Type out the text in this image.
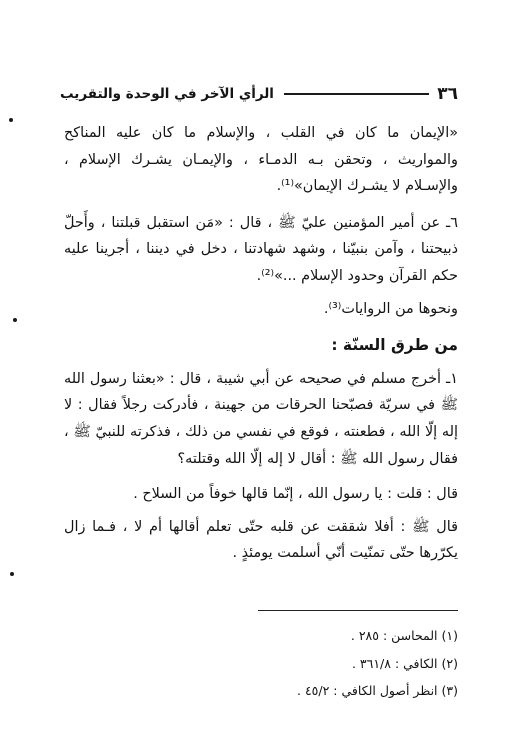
٣٦
الرأي الآخر في الوحدة والتقريب

«الإيمان ما كان في القلب ، والإسلام ما كان عليه المناكح والمواريث ، وتحقن بـه الدمـاء ، والإيمـان يشـرك الإسلام ، والإسـلام لا يشـرك الإيمان»⁽¹⁾.

٦ـ عن أمير المؤمنين عليّ ﷺ ، قال : «مَن استقبل قبلتنا ، وأَحلّ ذبيحتنا ، وآمن بنبيّنا ، وشهد شهادتنا ، دخل في ديننا ، أجرينا عليه حكم القرآن وحدود الإسلام ...»⁽²⁾.

ونحوها من الروايات⁽³⁾.

من طرق السنّة :

١ـ أخرج مسلم في صحيحه عن أبي شيبة ، قال : «بعثنا رسول الله ﷺ في سريّة فصبّحنا الحرقات من جهينة ، فأدركت رجلاً فقال : لا إله إلّا الله ، فطعنته ، فوقع في نفسي من ذلك ، فذكرته للنبيّ ﷺ ، فقال رسول الله ﷺ : أقال لا إله إلّا الله وقتلته؟

قال : قلت : يا رسول الله ، إنّما قالها خوفاً من السلاح .

قال ﷺ : أفلا شققت عن قلبه حتّى تعلم أقالها أم لا ، فـما زال يكرّرها حتّى تمنّيت أنّي أسلمت يومئذٍ .

(١) المحاسن : ٢٨٥ .
(٢) الكافي : ٣٦١/٨ .
(٣) انظر أصول الكافي : ٤٥/٢ .
